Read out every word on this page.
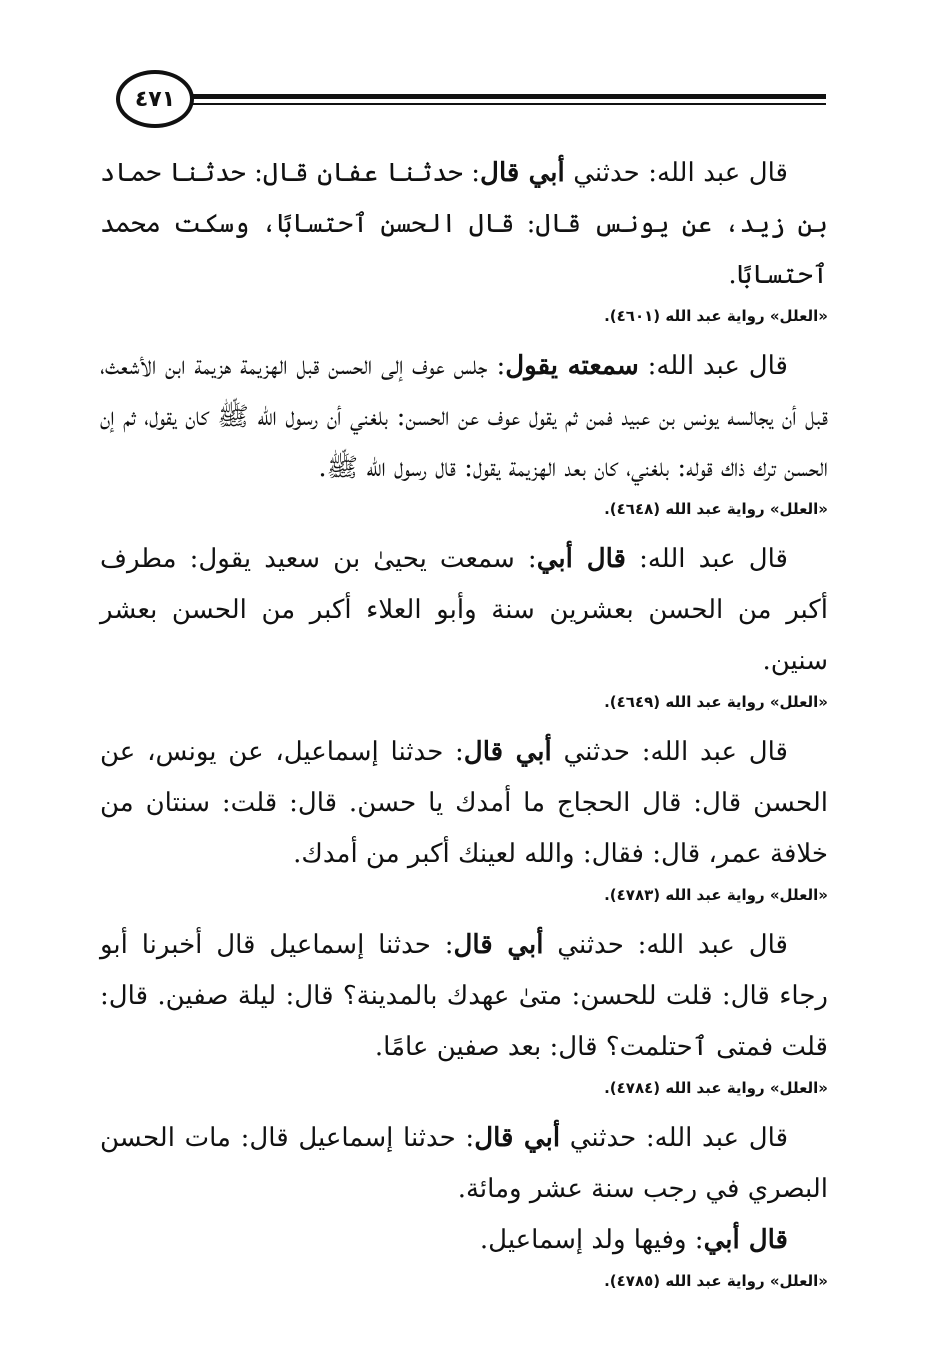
٤٧١

قال عبد الله: حدثني أبي قال: حدثنا عفان قال: حدثنا حماد بن زيد، عن يونس قال: قال الحسن ٱحتسابًا، وسكت محمد ٱحتسابًا.

«العلل» رواية عبد الله (٤٦٠١).

قال عبد الله: سمعته يقول: جلس عوف إلى الحسن قبل الهزيمة هزيمة ابن الأشعث، قبل أن يجالسه يونس بن عبيد فمن ثم يقول عوف عن الحسن: بلغني أن رسول الله ﷺ كان يقول، ثم إن الحسن ترك ذاك قوله: بلغني، كان بعد الهزيمة يقول: قال رسول الله ﷺ.

«العلل» رواية عبد الله (٤٦٤٨).

قال عبد الله: قال أبي: سمعت يحيىٰ بن سعيد يقول: مطرف أكبر من الحسن بعشرين سنة وأبو العلاء أكبر من الحسن بعشر سنين.

«العلل» رواية عبد الله (٤٦٤٩).

قال عبد الله: حدثني أبي قال: حدثنا إسماعيل، عن يونس، عن الحسن قال: قال الحجاج ما أمدك يا حسن. قال: قلت: سنتان من خلافة عمر، قال: فقال: والله لعينك أكبر من أمدك.

«العلل» رواية عبد الله (٤٧٨٣).

قال عبد الله: حدثني أبي قال: حدثنا إسماعيل قال أخبرنا أبو رجاء قال: قلت للحسن: متىٰ عهدك بالمدينة؟ قال: ليلة صفين. قال: قلت فمتى ٱحتلمت؟ قال: بعد صفين عامًا.

«العلل» رواية عبد الله (٤٧٨٤).

قال عبد الله: حدثني أبي قال: حدثنا إسماعيل قال: مات الحسن البصري في رجب سنة عشر ومائة.

قال أبي: وفيها ولد إسماعيل.

«العلل» رواية عبد الله (٤٧٨٥).
